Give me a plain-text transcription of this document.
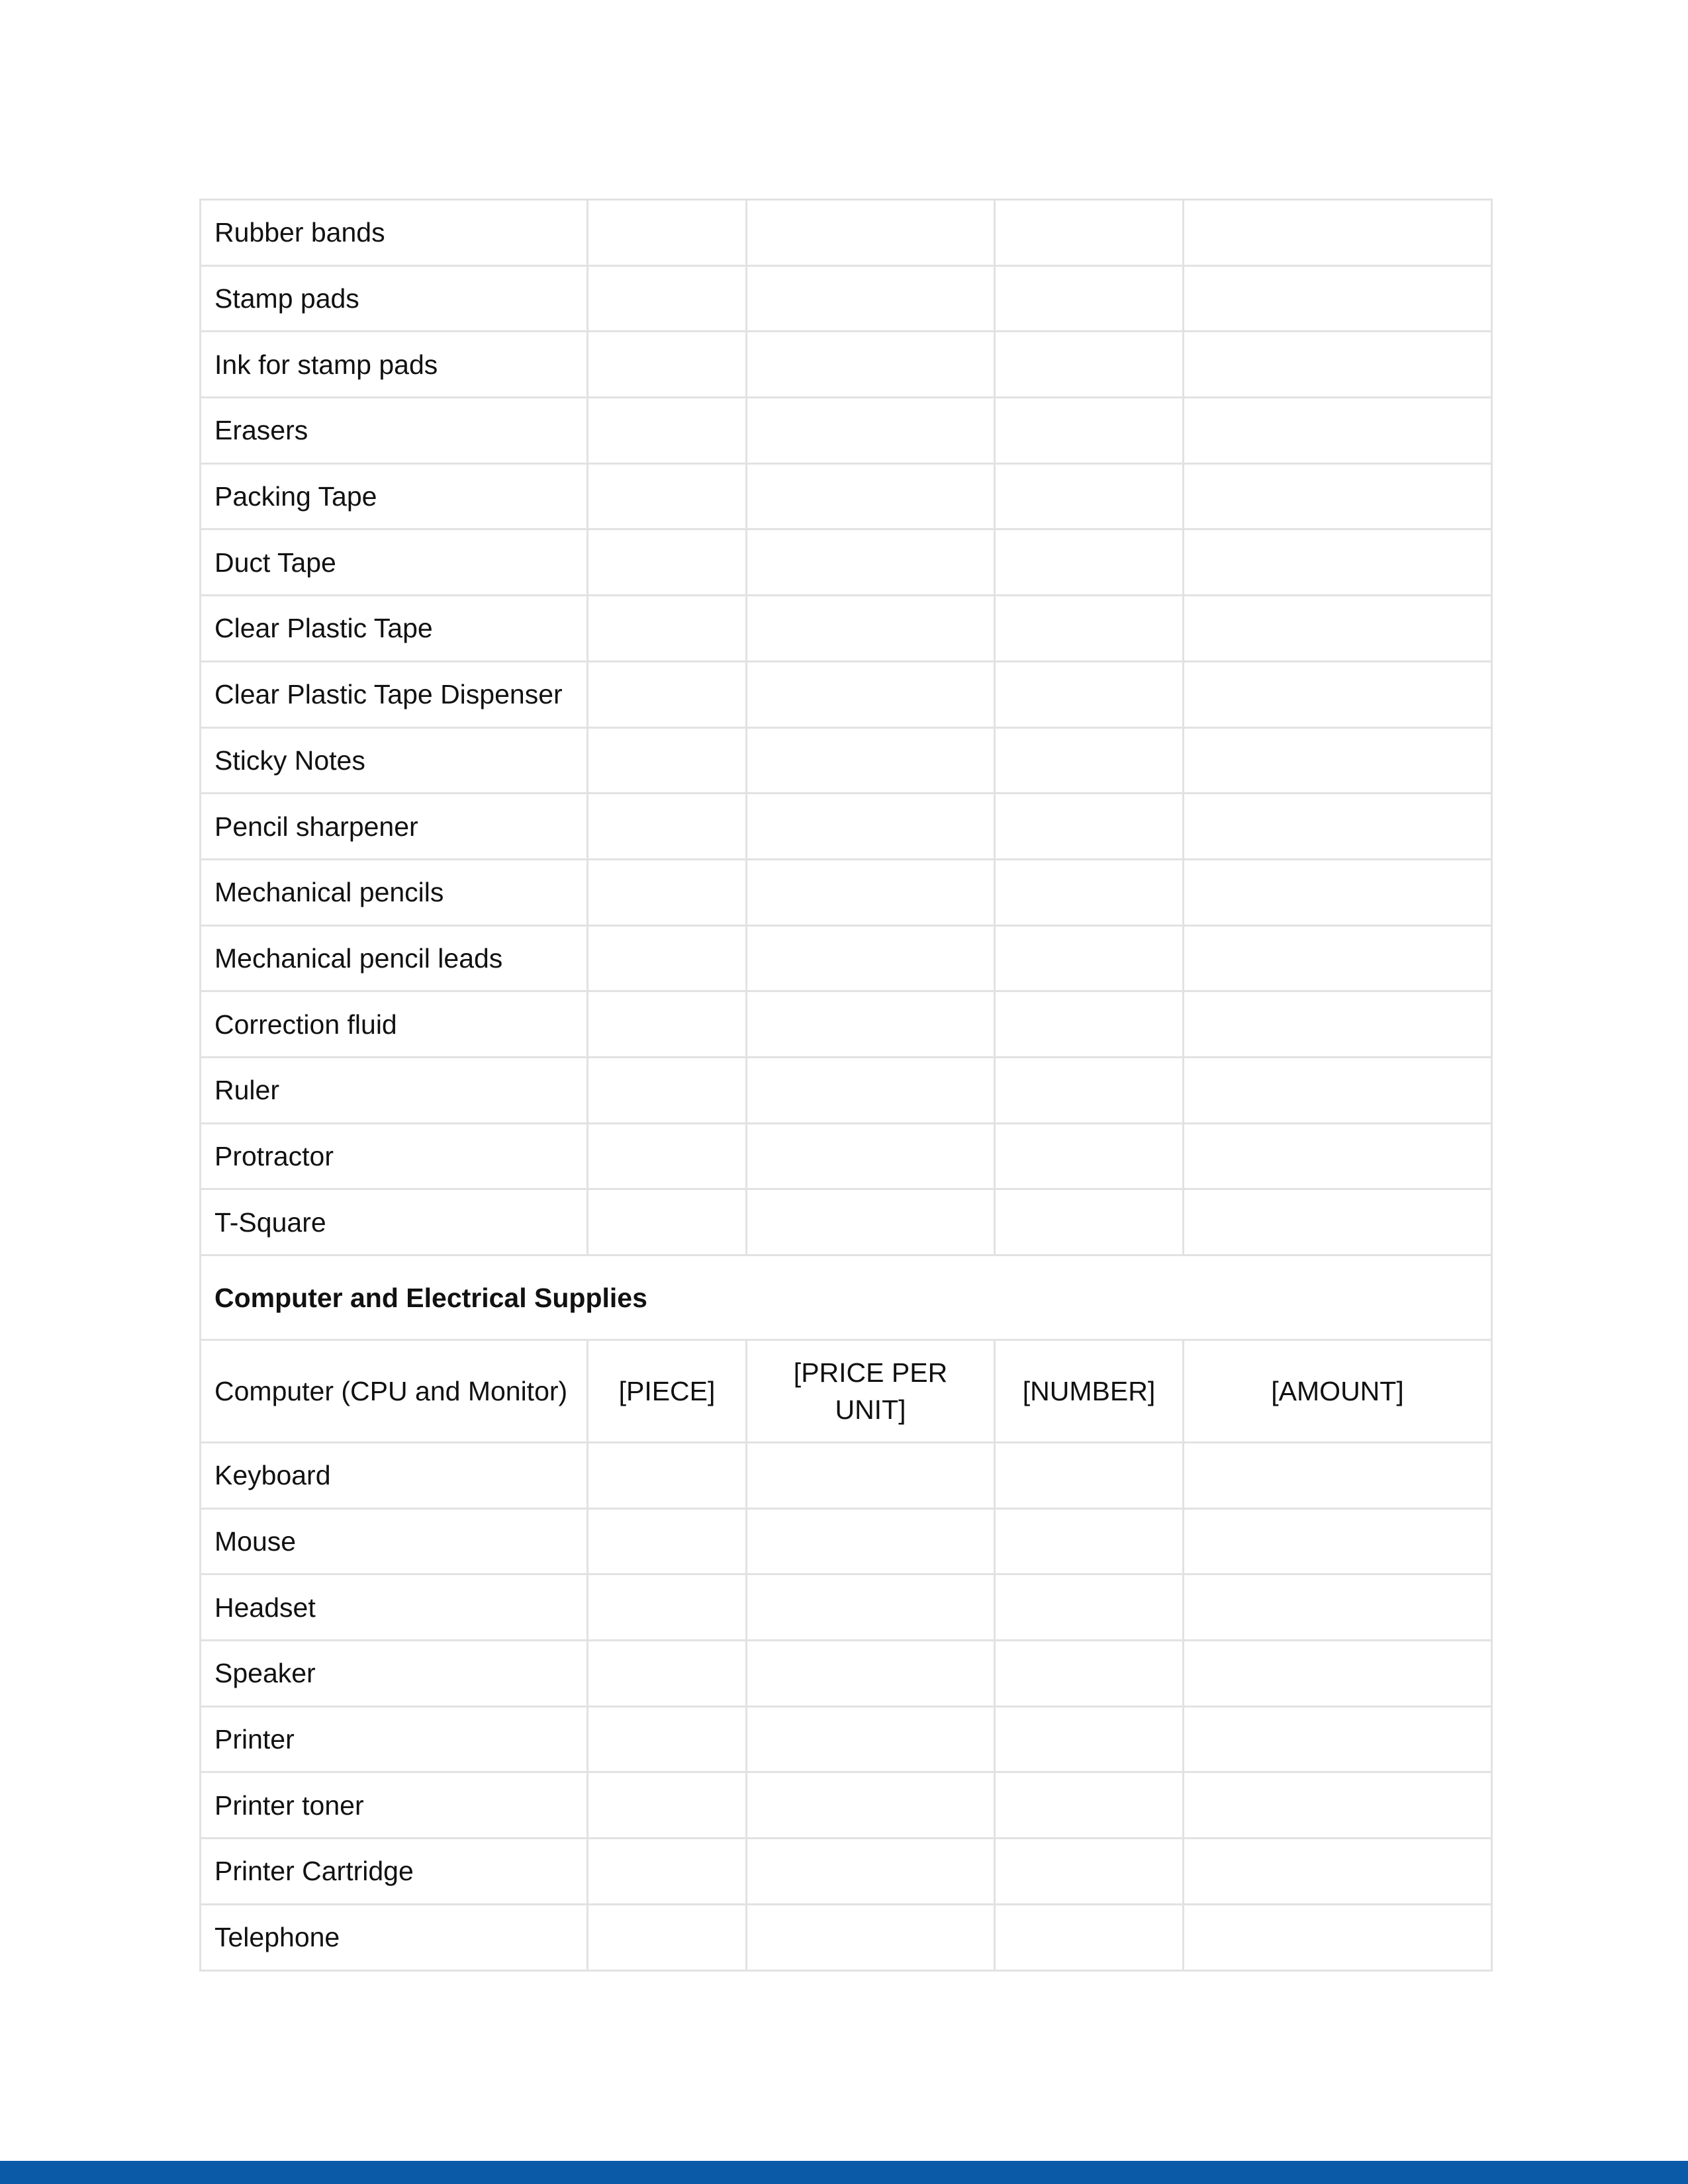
Rubber bands				
Stamp pads				
Ink for stamp pads				
Erasers				
Packing Tape				
Duct Tape				
Clear Plastic Tape				
Clear Plastic Tape Dispenser				
Sticky Notes				
Pencil sharpener				
Mechanical pencils				
Mechanical pencil leads				
Correction fluid				
Ruler				
Protractor				
T-Square				
Computer and Electrical Supplies				
Computer (CPU and Monitor)	[PIECE]	[PRICE PER UNIT]	[NUMBER]	[AMOUNT]
Keyboard				
Mouse				
Headset				
Speaker				
Printer				
Printer toner				
Printer Cartridge				
Telephone				
